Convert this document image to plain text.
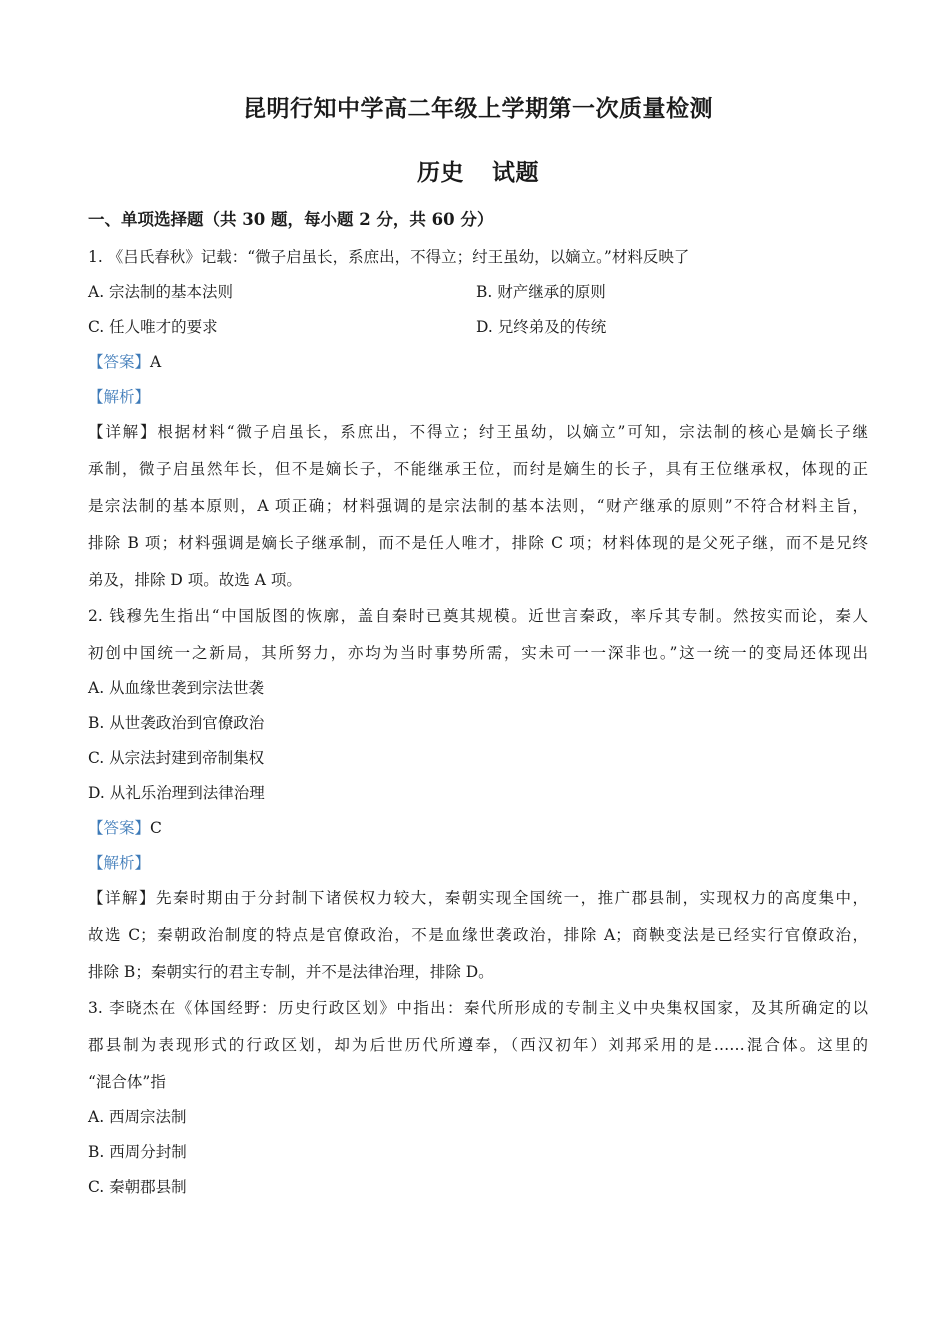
昆明行知中学高二年级上学期第一次质量检测
历史 试题
一、单项选择题（共 30 题，每小题 2 分，共 60 分）
1. 《吕氏春秋》记载：“微子启虽长，系庶出，不得立；纣王虽幼，以嫡立。”材料反映了
A. 宗法制的基本法则	B. 财产继承的原则
C. 任人唯才的要求	D. 兄终弟及的传统
【答案】A
【解析】
【详解】根据材料“微子启虽长，系庶出，不得立；纣王虽幼，以嫡立”可知，宗法制的核心是嫡长子继
承制，微子启虽然年长，但不是嫡长子，不能继承王位，而纣是嫡生的长子，具有王位继承权，体现的正
是宗法制的基本原则，A 项正确；材料强调的是宗法制的基本法则，“财产继承的原则”不符合材料主旨，
排除 B 项；材料强调是嫡长子继承制，而不是任人唯才，排除 C 项；材料体现的是父死子继，而不是兄终
弟及，排除 D 项。故选 A 项。
2. 钱穆先生指出“中国版图的恢廓，盖自秦时已奠其规模。近世言秦政，率斥其专制。然按实而论，秦人
初创中国统一之新局，其所努力，亦均为当时事势所需，实未可一一深非也。”这一统一的变局还体现出
A. 从血缘世袭到宗法世袭
B. 从世袭政治到官僚政治
C. 从宗法封建到帝制集权
D. 从礼乐治理到法律治理
【答案】C
【解析】
【详解】先秦时期由于分封制下诸侯权力较大，秦朝实现全国统一，推广郡县制，实现权力的高度集中，
故选 C；秦朝政治制度的特点是官僚政治，不是血缘世袭政治，排除 A；商鞅变法是已经实行官僚政治，
排除 B；秦朝实行的君主专制，并不是法律治理，排除 D。
3. 李晓杰在《体国经野：历史行政区划》中指出：秦代所形成的专制主义中央集权国家，及其所确定的以
郡县制为表现形式的行政区划，却为后世历代所遵奉，（西汉初年）刘邦采用的是……混合体。这里的
“混合体”指
A. 西周宗法制
B. 西周分封制
C. 秦朝郡县制
